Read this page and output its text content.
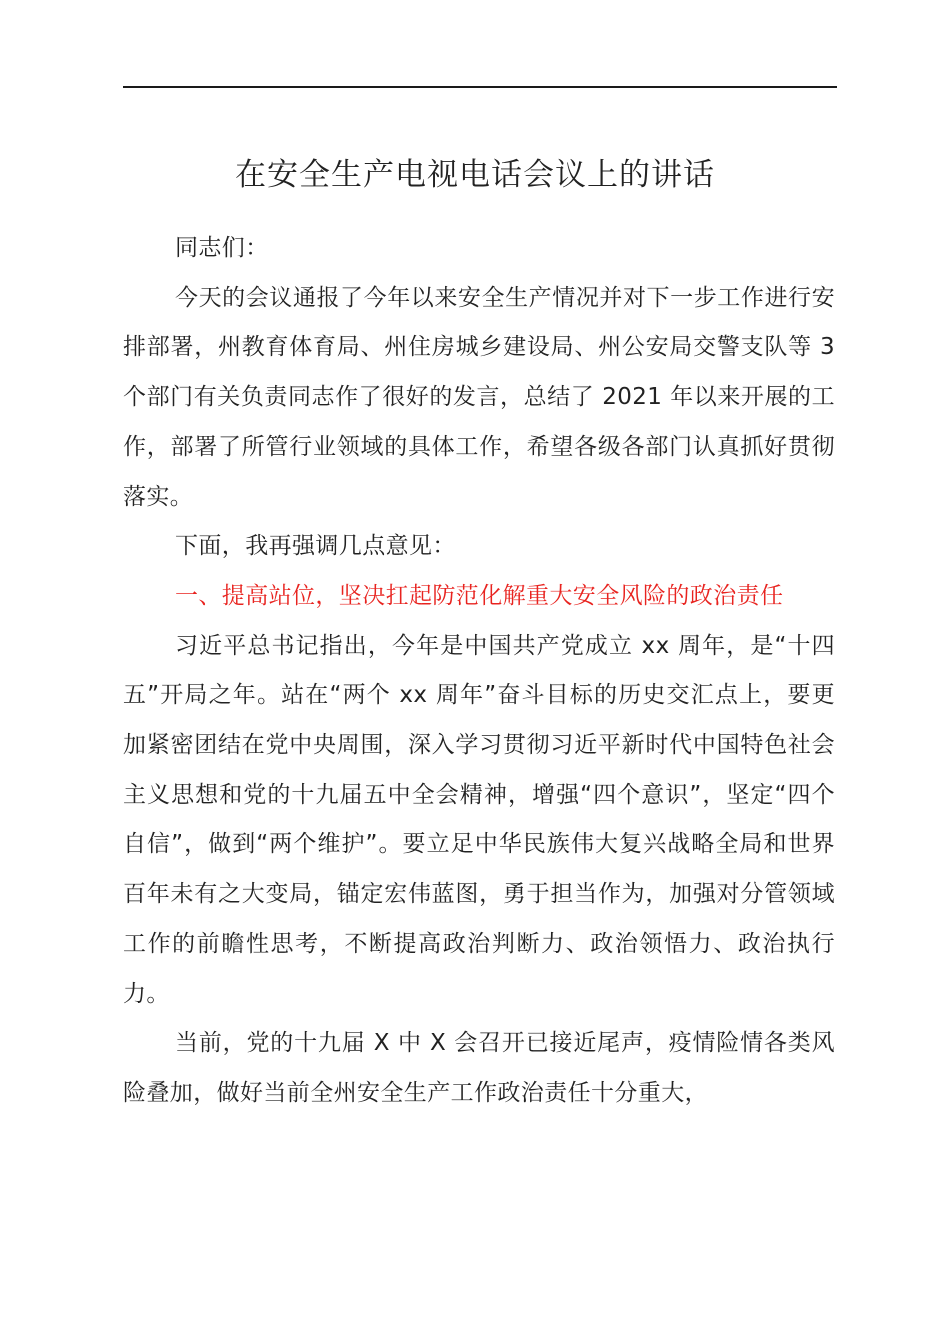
在安全生产电视电话会议上的讲话

同志们：

今天的会议通报了今年以来安全生产情况并对下一步工作进行安排部署，州教育体育局、州住房城乡建设局、州公安局交警支队等 3 个部门有关负责同志作了很好的发言，总结了 2021 年以来开展的工作，部署了所管行业领域的具体工作，希望各级各部门认真抓好贯彻落实。

下面，我再强调几点意见：

一、提高站位，坚决扛起防范化解重大安全风险的政治责任

习近平总书记指出，今年是中国共产党成立 xx 周年，是“十四五”开局之年。站在“两个 xx 周年”奋斗目标的历史交汇点上，要更加紧密团结在党中央周围，深入学习贯彻习近平新时代中国特色社会主义思想和党的十九届五中全会精神，增强“四个意识”，坚定“四个自信”，做到“两个维护”。要立足中华民族伟大复兴战略全局和世界百年未有之大变局，锚定宏伟蓝图，勇于担当作为，加强对分管领域工作的前瞻性思考，不断提高政治判断力、政治领悟力、政治执行力。

当前，党的十九届 X 中 X 会召开已接近尾声，疫情险情各类风险叠加，做好当前全州安全生产工作政治责任十分重大，
